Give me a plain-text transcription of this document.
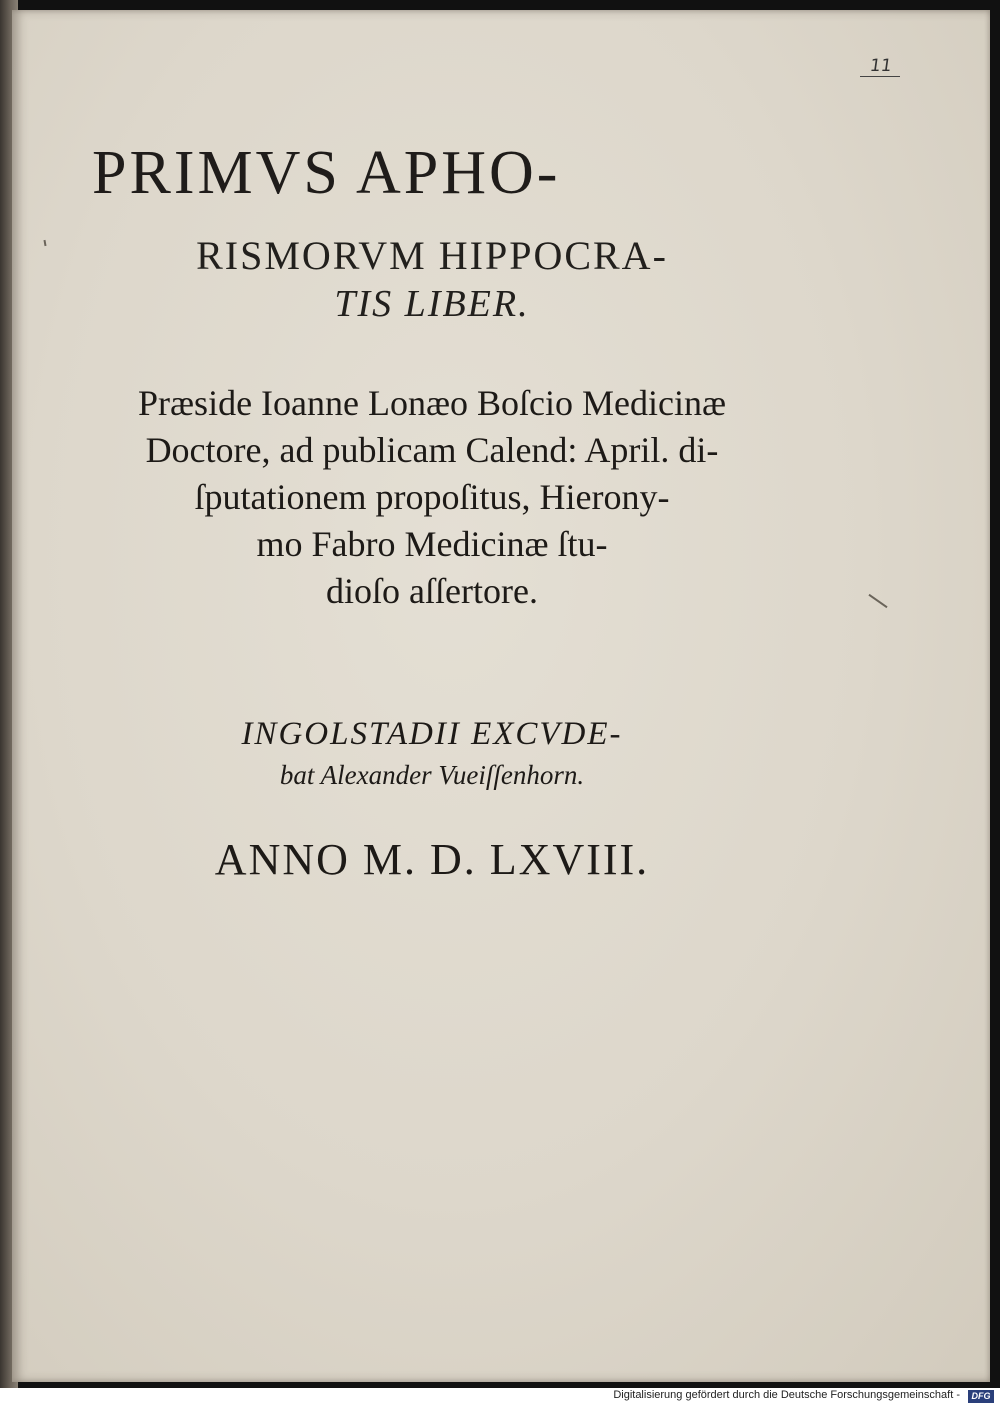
11
PRIMVS APHO-
RISMORVM HIPPOCRA-
TIS LIBER.
Præside Ioanne Lonæo Boſcio Medicinæ
Doctore, ad publicam Calend: April. di-
ſputationem propoſitus, Hierony-
mo Fabro Medicinæ ſtu-
dioſo aſſertore.
INGOLSTADII EXCVDE-
bat Alexander Vueiſſenhorn.
ANNO M. D. LXVIII.
Digitalisierung gefördert durch die Deutsche Forschungsgemeinschaft -	DFG
